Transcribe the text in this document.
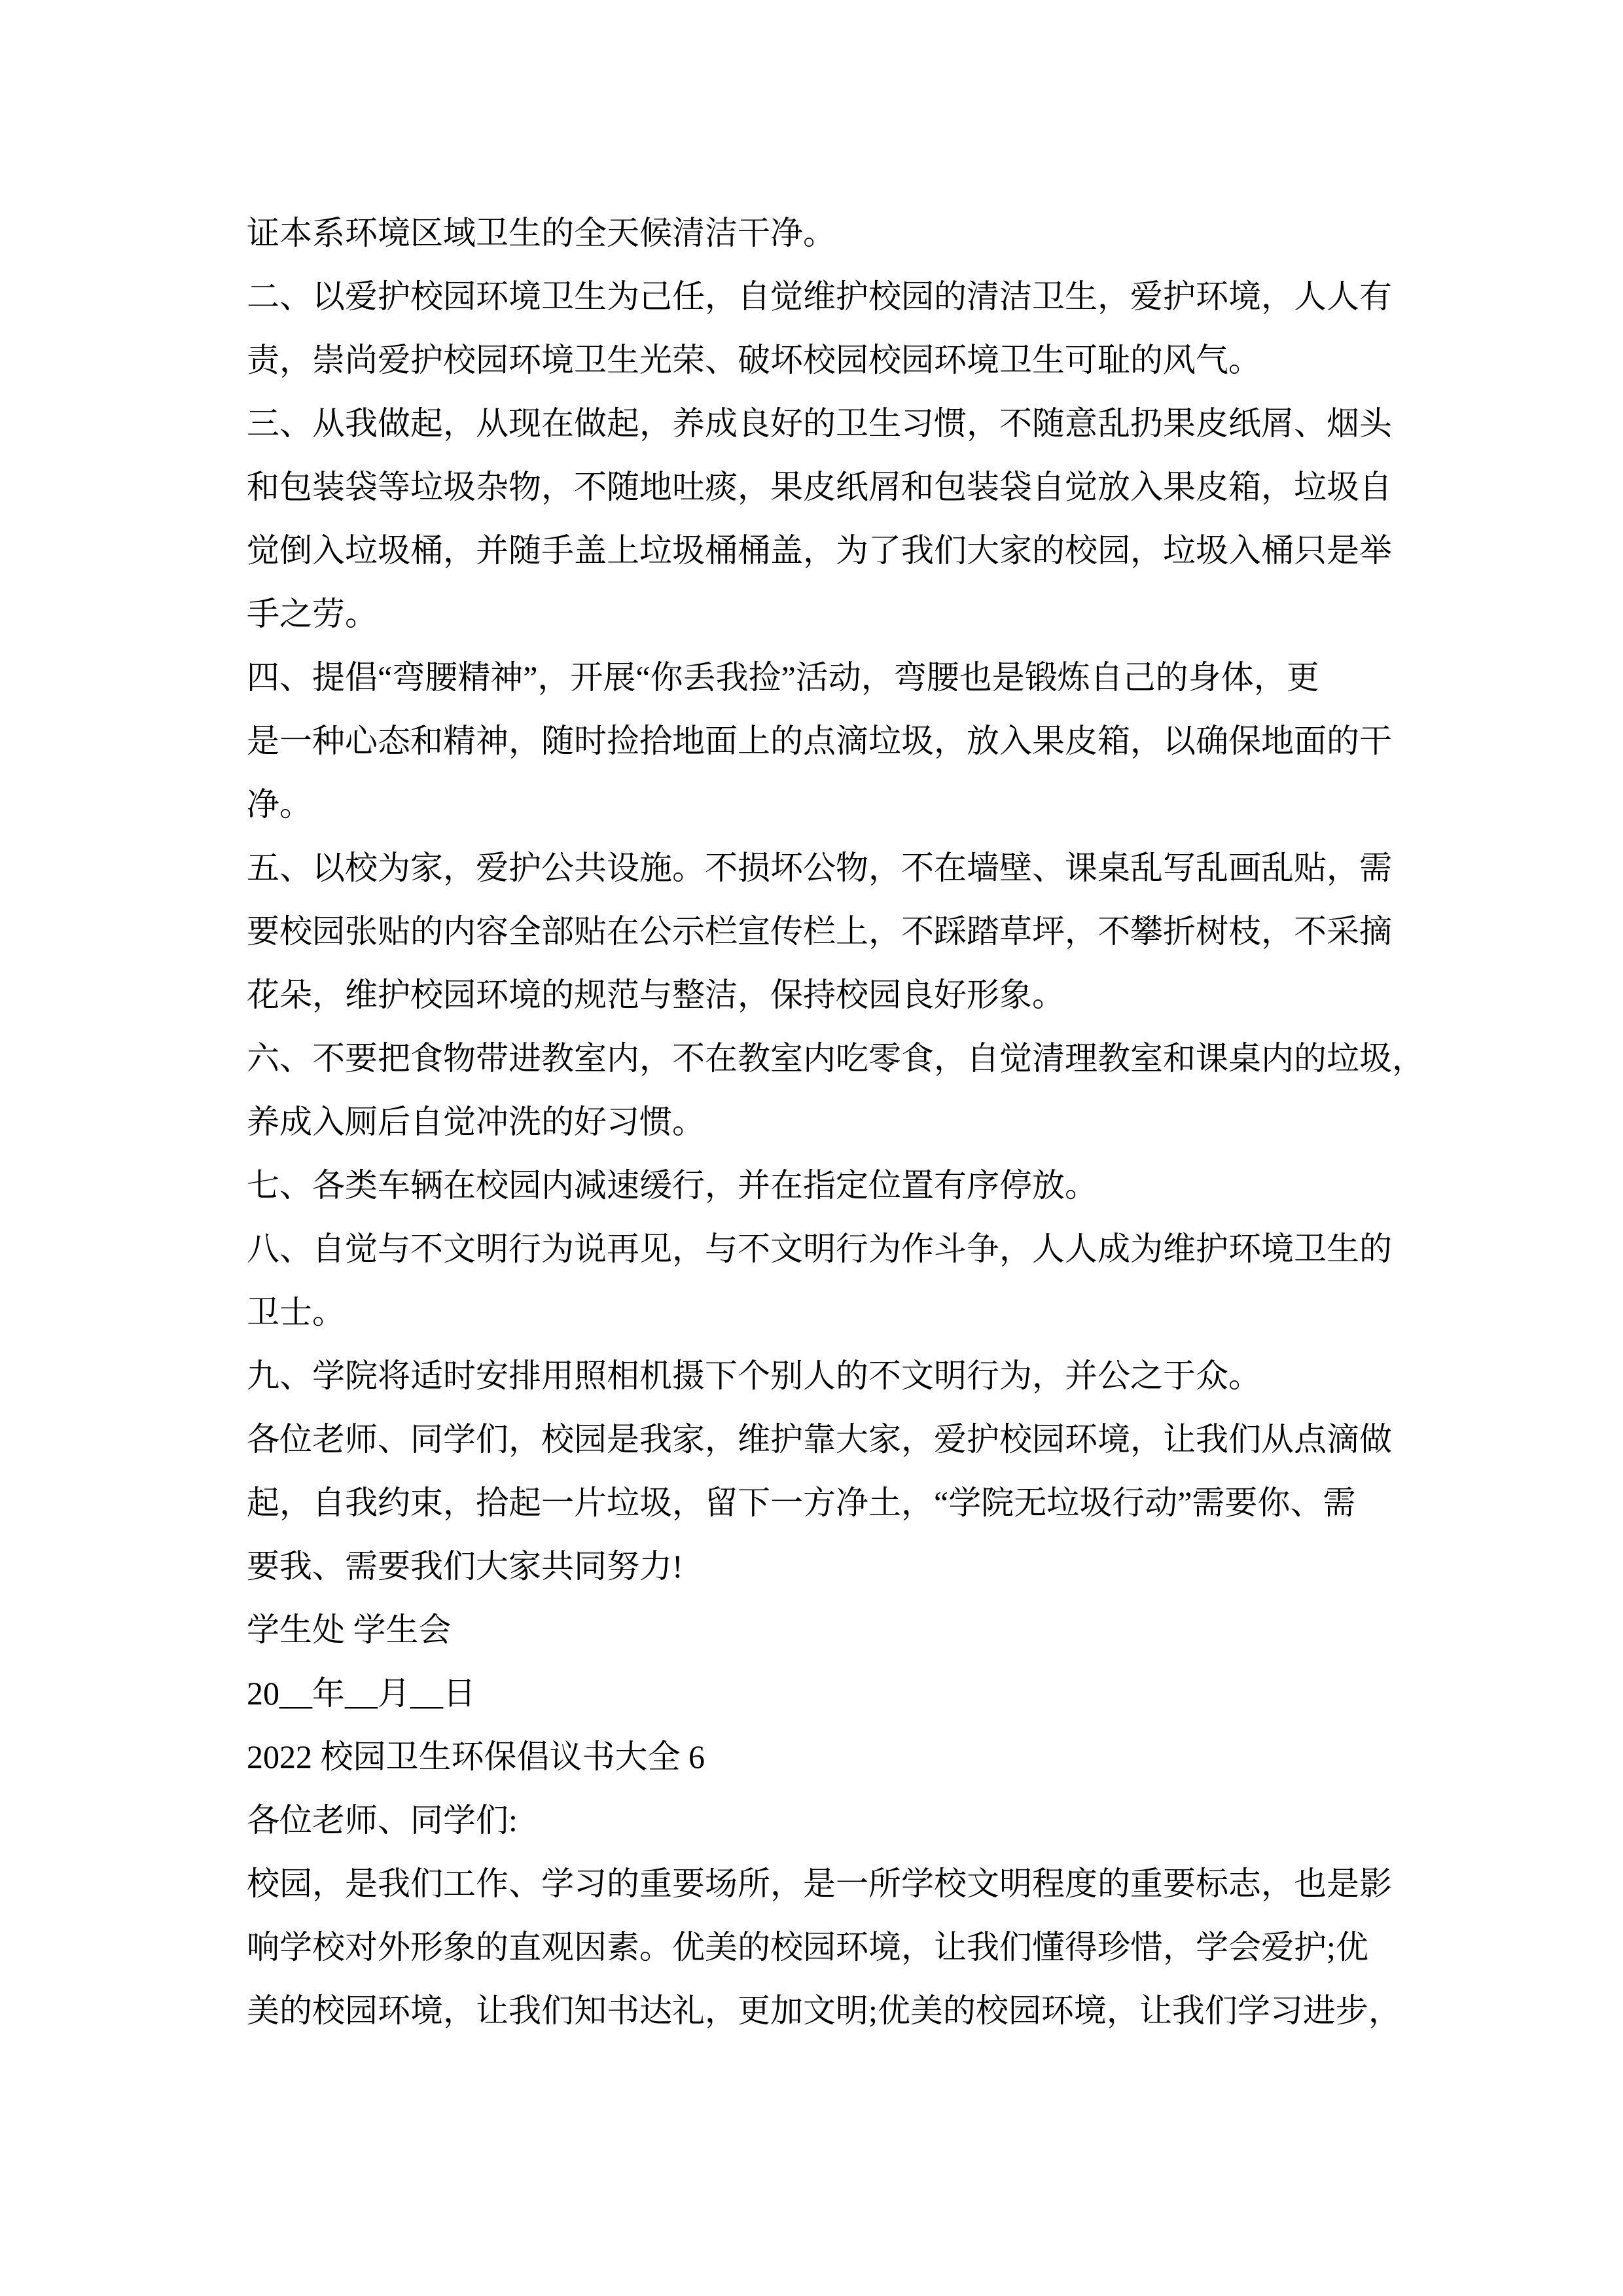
证本系环境区域卫生的全天候清洁干净。
二、以爱护校园环境卫生为己任，自觉维护校园的清洁卫生，爱护环境，人人有
责，崇尚爱护校园环境卫生光荣、破坏校园校园环境卫生可耻的风气。
三、从我做起，从现在做起，养成良好的卫生习惯，不随意乱扔果皮纸屑、烟头
和包装袋等垃圾杂物，不随地吐痰，果皮纸屑和包装袋自觉放入果皮箱，垃圾自
觉倒入垃圾桶，并随手盖上垃圾桶桶盖，为了我们大家的校园，垃圾入桶只是举
手之劳。
四、提倡“弯腰精神”，开展“你丢我捡”活动，弯腰也是锻炼自己的身体，更
是一种心态和精神，随时捡拾地面上的点滴垃圾，放入果皮箱，以确保地面的干
净。
五、以校为家，爱护公共设施。不损坏公物，不在墙壁、课桌乱写乱画乱贴，需
要校园张贴的内容全部贴在公示栏宣传栏上，不踩踏草坪，不攀折树枝，不采摘
花朵，维护校园环境的规范与整洁，保持校园良好形象。
六、不要把食物带进教室内，不在教室内吃零食，自觉清理教室和课桌内的垃圾，
养成入厕后自觉冲洗的好习惯。
七、各类车辆在校园内减速缓行，并在指定位置有序停放。
八、自觉与不文明行为说再见，与不文明行为作斗争，人人成为维护环境卫生的
卫士。
九、学院将适时安排用照相机摄下个别人的不文明行为，并公之于众。
各位老师、同学们，校园是我家，维护靠大家，爱护校园环境，让我们从点滴做
起，自我约束，拾起一片垃圾，留下一方净土，“学院无垃圾行动”需要你、需
要我、需要我们大家共同努力!
学生处 学生会
20__年__月__日
2022 校园卫生环保倡议书大全 6
各位老师、同学们:
校园，是我们工作、学习的重要场所，是一所学校文明程度的重要标志，也是影
响学校对外形象的直观因素。优美的校园环境，让我们懂得珍惜，学会爱护;优
美的校园环境，让我们知书达礼，更加文明;优美的校园环境，让我们学习进步，
